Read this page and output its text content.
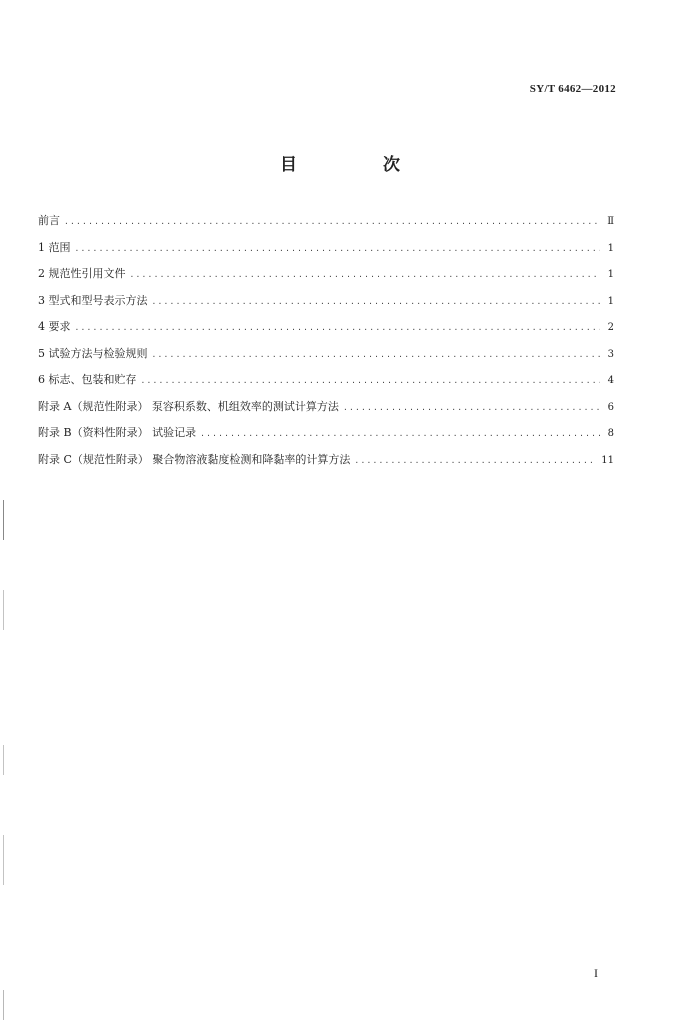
SY/T 6462—2012
目 次
前言 .....	Ⅱ
1 范围 .....	1
2 规范性引用文件 .....	1
3 型式和型号表示方法 .....	1
4 要求 .....	2
5 试验方法与检验规则 .....	3
6 标志、包装和贮存 .....	4
附录 A（规范性附录） 泵容积系数、机组效率的测试计算方法 .....	6
附录 B（资料性附录） 试验记录 .....	8
附录 C（规范性附录） 聚合物溶液黏度检测和降黏率的计算方法 .....	11
I
